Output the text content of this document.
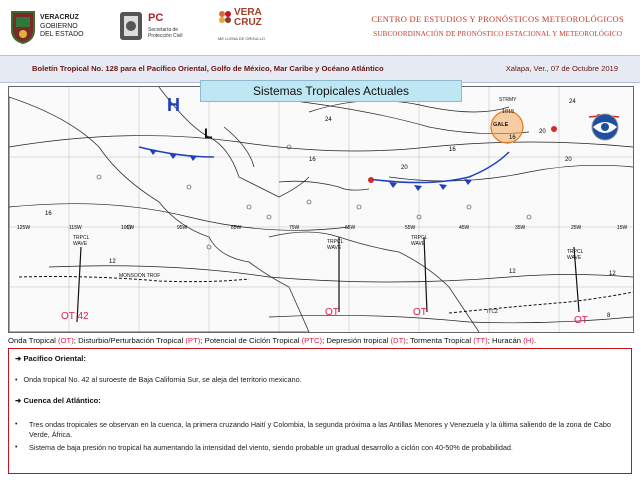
VERACRUZ
GOBIERNO
DEL ESTADO
PC
Secretaría de
Protección Civil
VERA
CRUZ
ME LLENA DE ORGULLO
CENTRO DE ESTUDIOS Y PRONÓSTICOS METEOROLÓGICOS
SUBCOORDINACIÓN DE PRONÓSTICO ESTACIONAL Y METEOROLÓGICO
Boletín Tropical No. 128 para el Pacífico Oriental, Golfo de México, Mar Caribe y Océano Atlántico	Xalapa, Ver., 07 de Octubre 2019
H
L	GALE
1015
STRMY
OT 42	OT	OT
OT
TRPCL WAVE	TRPCL WAVE
TRPCL WAVE
TRPCL WAVE
MONSOON TROF
ITCZ
125W	115W	105W	95W	85W	75W	65W	55W	45W	35W	25W	15W
16
12
16
20
24
16
12
20
24
20
16
12
8
Sistemas Tropicales Actuales
Onda Tropical (OT); Disturbio/Perturbación Tropical (PT); Potencial de Ciclón Tropical (PTC); Depresión tropical (DT); Tormenta Tropical (TT); Huracán (H).
➜ Pacífico Oriental:
• Onda tropical No. 42 al suroeste de Baja California Sur, se aleja del territorio mexicano.
➜ Cuenca del Atlántico:
•	Tres ondas tropicales se observan en la cuenca, la primera cruzando Haití y Colombia, la segunda próxima a las Antillas Menores y Venezuela y la última saliendo de la zona de Cabo Verde, África.
•	Sistema de baja presión no tropical ha aumentando la intensidad del viento, siendo probable un gradual desarrollo a ciclón con 40-50% de probabilidad.
